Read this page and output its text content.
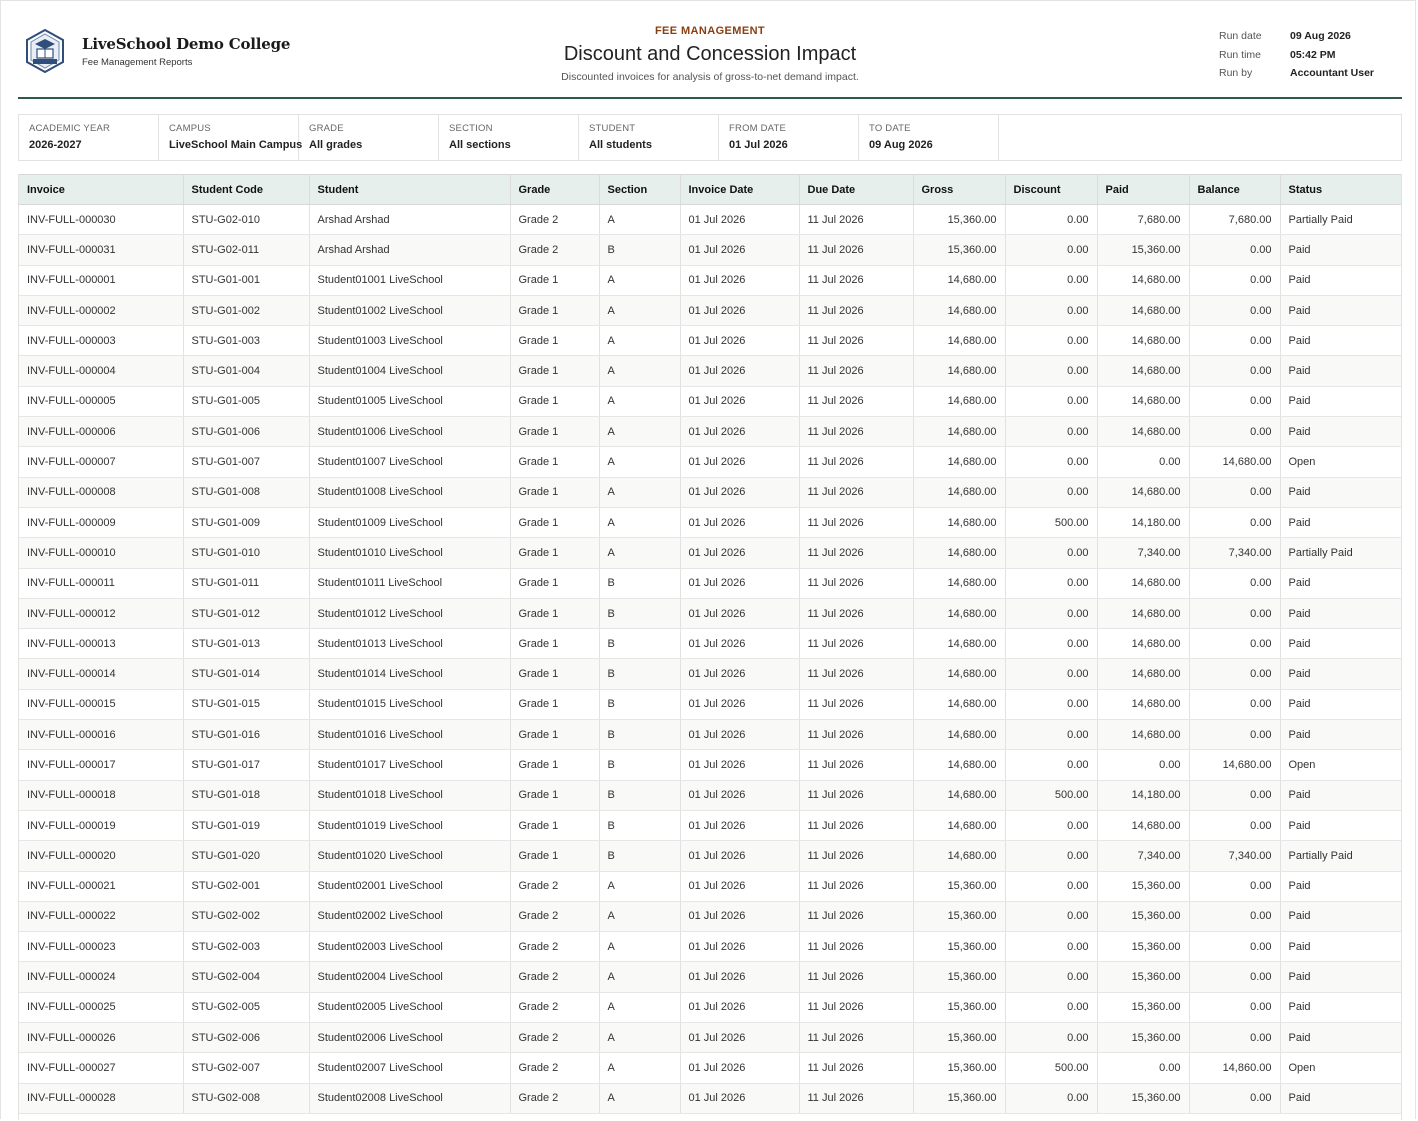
LiveSchool Demo College
Fee Management Reports
FEE MANAGEMENT
Discount and Concession Impact
Discounted invoices for analysis of gross-to-net demand impact.
Run date	09 Aug 2026
Run time	05:42 PM
Run by	Accountant User
ACADEMIC YEAR
2026-2027
CAMPUS
LiveSchool Main Campus
GRADE
All grades
SECTION
All sections
STUDENT
All students
FROM DATE
01 Jul 2026
TO DATE
09 Aug 2026
Invoice	Student Code	Student	Grade	Section	Invoice Date	Due Date	Gross	Discount	Paid	Balance	Status
INV-FULL-000030	STU-G02-010	Arshad Arshad	Grade 2	A	01 Jul 2026	11 Jul 2026	15,360.00	0.00	7,680.00	7,680.00	Partially Paid
INV-FULL-000031	STU-G02-011	Arshad Arshad	Grade 2	B	01 Jul 2026	11 Jul 2026	15,360.00	0.00	15,360.00	0.00	Paid
INV-FULL-000001	STU-G01-001	Student01001 LiveSchool	Grade 1	A	01 Jul 2026	11 Jul 2026	14,680.00	0.00	14,680.00	0.00	Paid
INV-FULL-000002	STU-G01-002	Student01002 LiveSchool	Grade 1	A	01 Jul 2026	11 Jul 2026	14,680.00	0.00	14,680.00	0.00	Paid
INV-FULL-000003	STU-G01-003	Student01003 LiveSchool	Grade 1	A	01 Jul 2026	11 Jul 2026	14,680.00	0.00	14,680.00	0.00	Paid
INV-FULL-000004	STU-G01-004	Student01004 LiveSchool	Grade 1	A	01 Jul 2026	11 Jul 2026	14,680.00	0.00	14,680.00	0.00	Paid
INV-FULL-000005	STU-G01-005	Student01005 LiveSchool	Grade 1	A	01 Jul 2026	11 Jul 2026	14,680.00	0.00	14,680.00	0.00	Paid
INV-FULL-000006	STU-G01-006	Student01006 LiveSchool	Grade 1	A	01 Jul 2026	11 Jul 2026	14,680.00	0.00	14,680.00	0.00	Paid
INV-FULL-000007	STU-G01-007	Student01007 LiveSchool	Grade 1	A	01 Jul 2026	11 Jul 2026	14,680.00	0.00	0.00	14,680.00	Open
INV-FULL-000008	STU-G01-008	Student01008 LiveSchool	Grade 1	A	01 Jul 2026	11 Jul 2026	14,680.00	0.00	14,680.00	0.00	Paid
INV-FULL-000009	STU-G01-009	Student01009 LiveSchool	Grade 1	A	01 Jul 2026	11 Jul 2026	14,680.00	500.00	14,180.00	0.00	Paid
INV-FULL-000010	STU-G01-010	Student01010 LiveSchool	Grade 1	A	01 Jul 2026	11 Jul 2026	14,680.00	0.00	7,340.00	7,340.00	Partially Paid
INV-FULL-000011	STU-G01-011	Student01011 LiveSchool	Grade 1	B	01 Jul 2026	11 Jul 2026	14,680.00	0.00	14,680.00	0.00	Paid
INV-FULL-000012	STU-G01-012	Student01012 LiveSchool	Grade 1	B	01 Jul 2026	11 Jul 2026	14,680.00	0.00	14,680.00	0.00	Paid
INV-FULL-000013	STU-G01-013	Student01013 LiveSchool	Grade 1	B	01 Jul 2026	11 Jul 2026	14,680.00	0.00	14,680.00	0.00	Paid
INV-FULL-000014	STU-G01-014	Student01014 LiveSchool	Grade 1	B	01 Jul 2026	11 Jul 2026	14,680.00	0.00	14,680.00	0.00	Paid
INV-FULL-000015	STU-G01-015	Student01015 LiveSchool	Grade 1	B	01 Jul 2026	11 Jul 2026	14,680.00	0.00	14,680.00	0.00	Paid
INV-FULL-000016	STU-G01-016	Student01016 LiveSchool	Grade 1	B	01 Jul 2026	11 Jul 2026	14,680.00	0.00	14,680.00	0.00	Paid
INV-FULL-000017	STU-G01-017	Student01017 LiveSchool	Grade 1	B	01 Jul 2026	11 Jul 2026	14,680.00	0.00	0.00	14,680.00	Open
INV-FULL-000018	STU-G01-018	Student01018 LiveSchool	Grade 1	B	01 Jul 2026	11 Jul 2026	14,680.00	500.00	14,180.00	0.00	Paid
INV-FULL-000019	STU-G01-019	Student01019 LiveSchool	Grade 1	B	01 Jul 2026	11 Jul 2026	14,680.00	0.00	14,680.00	0.00	Paid
INV-FULL-000020	STU-G01-020	Student01020 LiveSchool	Grade 1	B	01 Jul 2026	11 Jul 2026	14,680.00	0.00	7,340.00	7,340.00	Partially Paid
INV-FULL-000021	STU-G02-001	Student02001 LiveSchool	Grade 2	A	01 Jul 2026	11 Jul 2026	15,360.00	0.00	15,360.00	0.00	Paid
INV-FULL-000022	STU-G02-002	Student02002 LiveSchool	Grade 2	A	01 Jul 2026	11 Jul 2026	15,360.00	0.00	15,360.00	0.00	Paid
INV-FULL-000023	STU-G02-003	Student02003 LiveSchool	Grade 2	A	01 Jul 2026	11 Jul 2026	15,360.00	0.00	15,360.00	0.00	Paid
INV-FULL-000024	STU-G02-004	Student02004 LiveSchool	Grade 2	A	01 Jul 2026	11 Jul 2026	15,360.00	0.00	15,360.00	0.00	Paid
INV-FULL-000025	STU-G02-005	Student02005 LiveSchool	Grade 2	A	01 Jul 2026	11 Jul 2026	15,360.00	0.00	15,360.00	0.00	Paid
INV-FULL-000026	STU-G02-006	Student02006 LiveSchool	Grade 2	A	01 Jul 2026	11 Jul 2026	15,360.00	0.00	15,360.00	0.00	Paid
INV-FULL-000027	STU-G02-007	Student02007 LiveSchool	Grade 2	A	01 Jul 2026	11 Jul 2026	15,360.00	500.00	0.00	14,860.00	Open
INV-FULL-000028	STU-G02-008	Student02008 LiveSchool	Grade 2	A	01 Jul 2026	11 Jul 2026	15,360.00	0.00	15,360.00	0.00	Paid
